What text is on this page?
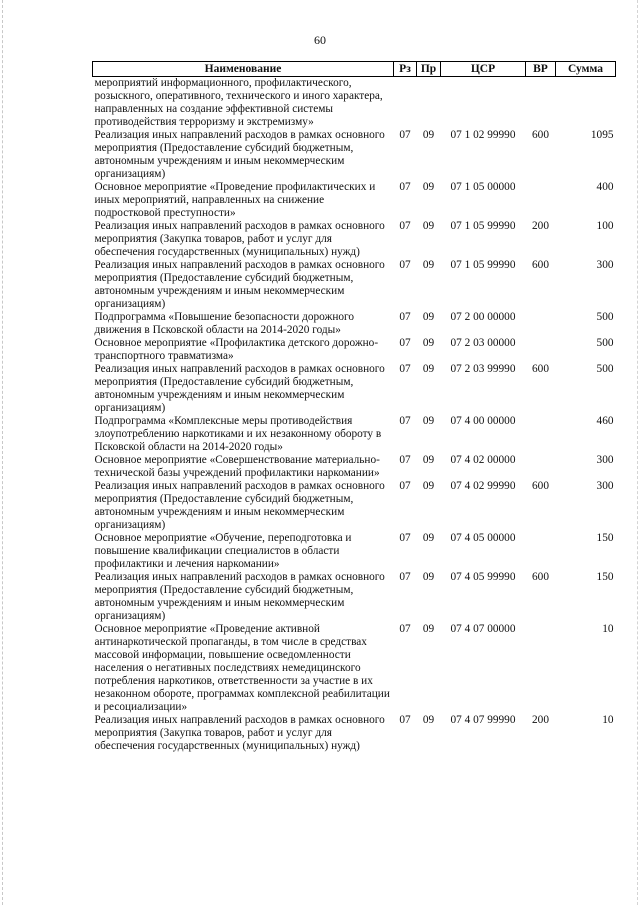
60
Наименование	Рз	Пр	ЦСР	ВР	Сумма
мероприятий информационного, профилактического, розыскного, оперативного, технического и иного характера, направленных на создание эффективной системы противодействия терроризму и экстремизму»					
Реализация иных направлений расходов в рамках основного мероприятия (Предоставление субсидий бюджетным, автономным учреждениям и иным некоммерческим организациям)	07	09	07 1 02 99990	600	1095
Основное мероприятие «Проведение профилактических и иных мероприятий, направленных на снижение подростковой преступности»	07	09	07 1 05 00000		400
Реализация иных направлений расходов в рамках основного мероприятия (Закупка товаров, работ и услуг для обеспечения государственных (муниципальных) нужд)	07	09	07 1 05 99990	200	100
Реализация иных направлений расходов в рамках основного мероприятия (Предоставление субсидий бюджетным, автономным учреждениям и иным некоммерческим организациям)	07	09	07 1 05 99990	600	300
Подпрограмма «Повышение безопасности дорожного движения в Псковской области на 2014-2020 годы»	07	09	07 2 00 00000		500
Основное мероприятие «Профилактика детского дорожно-транспортного травматизма»	07	09	07 2 03 00000		500
Реализация иных направлений расходов в рамках основного мероприятия (Предоставление субсидий бюджетным, автономным учреждениям и иным некоммерческим организациям)	07	09	07 2 03 99990	600	500
Подпрограмма «Комплексные меры противодействия злоупотреблению наркотиками и их незаконному обороту в Псковской области на 2014-2020 годы»	07	09	07 4 00 00000		460
Основное мероприятие «Совершенствование материально-технической базы учреждений профилактики наркомании»	07	09	07 4 02 00000		300
Реализация иных направлений расходов в рамках основного мероприятия (Предоставление субсидий бюджетным, автономным учреждениям и иным некоммерческим организациям)	07	09	07 4 02 99990	600	300
Основное мероприятие «Обучение, переподготовка и повышение квалификации специалистов в области профилактики и лечения наркомании»	07	09	07 4 05 00000		150
Реализация иных направлений расходов в рамках основного мероприятия (Предоставление субсидий бюджетным, автономным учреждениям и иным некоммерческим организациям)	07	09	07 4 05 99990	600	150
Основное мероприятие «Проведение активной антинаркотической пропаганды, в том числе в средствах массовой информации, повышение осведомленности населения о негативных последствиях немедицинского потребления наркотиков, ответственности за участие в их незаконном обороте, программах комплексной реабилитации и ресоциализации»	07	09	07 4 07 00000		10
Реализация иных направлений расходов в рамках основного мероприятия (Закупка товаров, работ и услуг для обеспечения государственных (муниципальных) нужд)	07	09	07 4 07 99990	200	10
